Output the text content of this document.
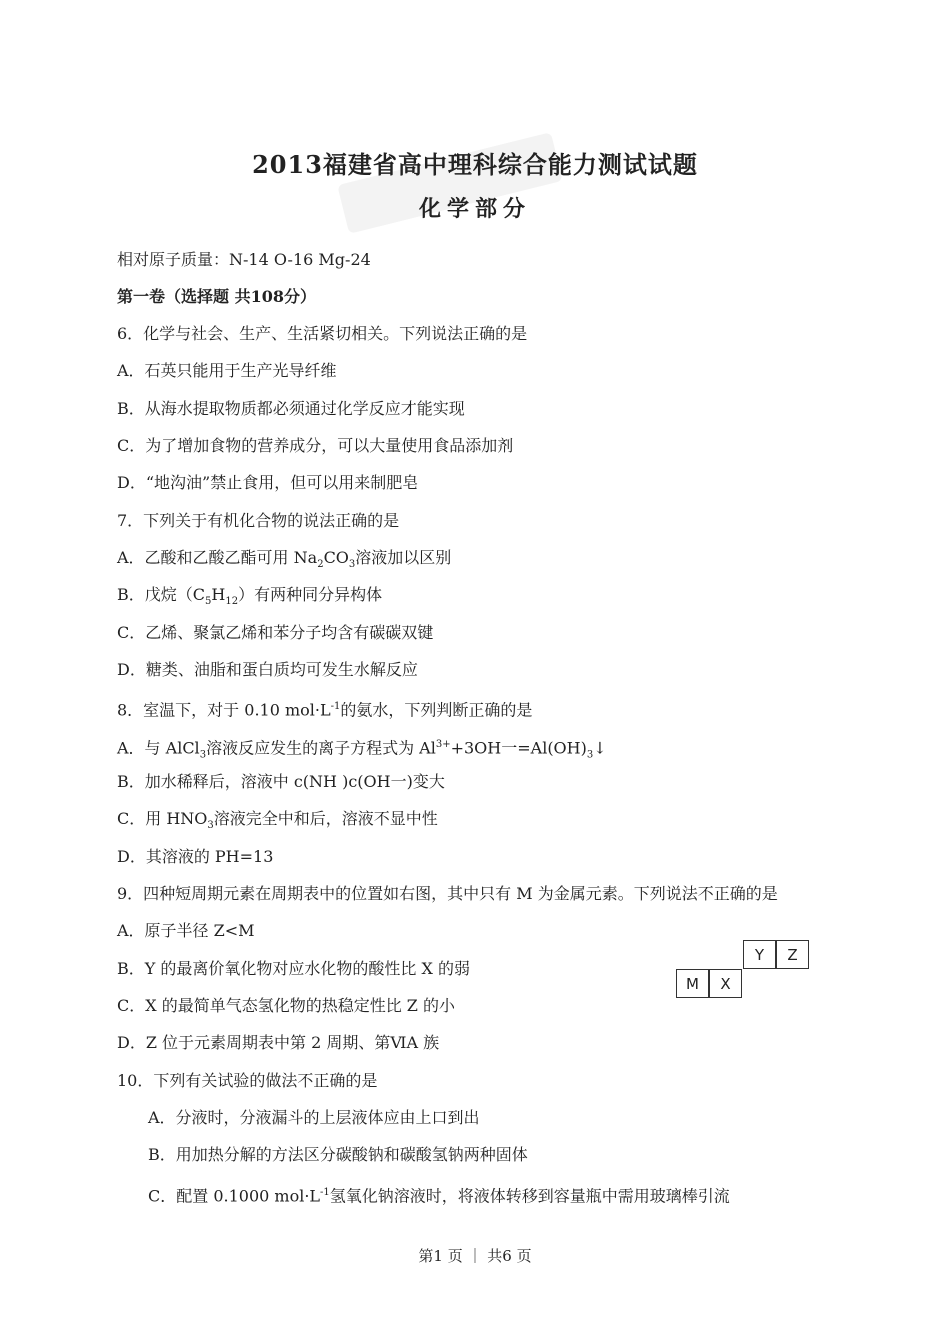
2013福建省高中理科综合能力测试试题
化学部分
相对原子质量：N-14 O-16 Mg-24
第一卷（选择题 共108分）
6．化学与社会、生产、生活紧切相关。下列说法正确的是
A．石英只能用于生产光导纤维
B．从海水提取物质都必须通过化学反应才能实现
C．为了增加食物的营养成分，可以大量使用食品添加剂
D．“地沟油”禁止食用，但可以用来制肥皂
7．下列关于有机化合物的说法正确的是
A．乙酸和乙酸乙酯可用 $Na_2CO_3$溶液加以区别
B．戊烷$(C_5H_{12})$有两种同分异构体
C．乙烯、聚氯乙烯和苯分子均含有碳碳双键
D．糖类、油脂和蛋白质均可发生水解反应
8．室温下，对于 0.10 $mol\cdot L^{-1}$的氨水，下列判断正确的是
A．与 AlCl$_3$溶液反应发生的离子方程式为 $Al^{3+}+3OH$一$=Al(OH)_3↓$
B．加水稀释后，溶液中 c(NH )c(OH一)变大
C．用 $HNO_3$溶液完全中和后，溶液不显中性
D．其溶液的 PH=13
9．四种短周期元素在周期表中的位置如右图，其中只有 M 为金属元素。下列说法不正确的是
A．原子半径 Z<M
B．Y 的最离价氧化物对应水化物的酸性比 X 的弱
C．X 的最简单气态氢化物的热稳定性比 Z 的小
D．Z 位于元素周期表中第 2 周期、第ⅥA 族
Y	Z
M	X
10．下列有关试验的做法不正确的是
A．分液时，分液漏斗的上层液体应由上口到出
B．用加热分解的方法区分碳酸钠和碳酸氢钠两种固体
C．配置 0.1000 $mol\cdot L^{-1}$氢氧化钠溶液时，将液体转移到容量瓶中需用玻璃棒引流
第1 页 ｜ 共6 页
